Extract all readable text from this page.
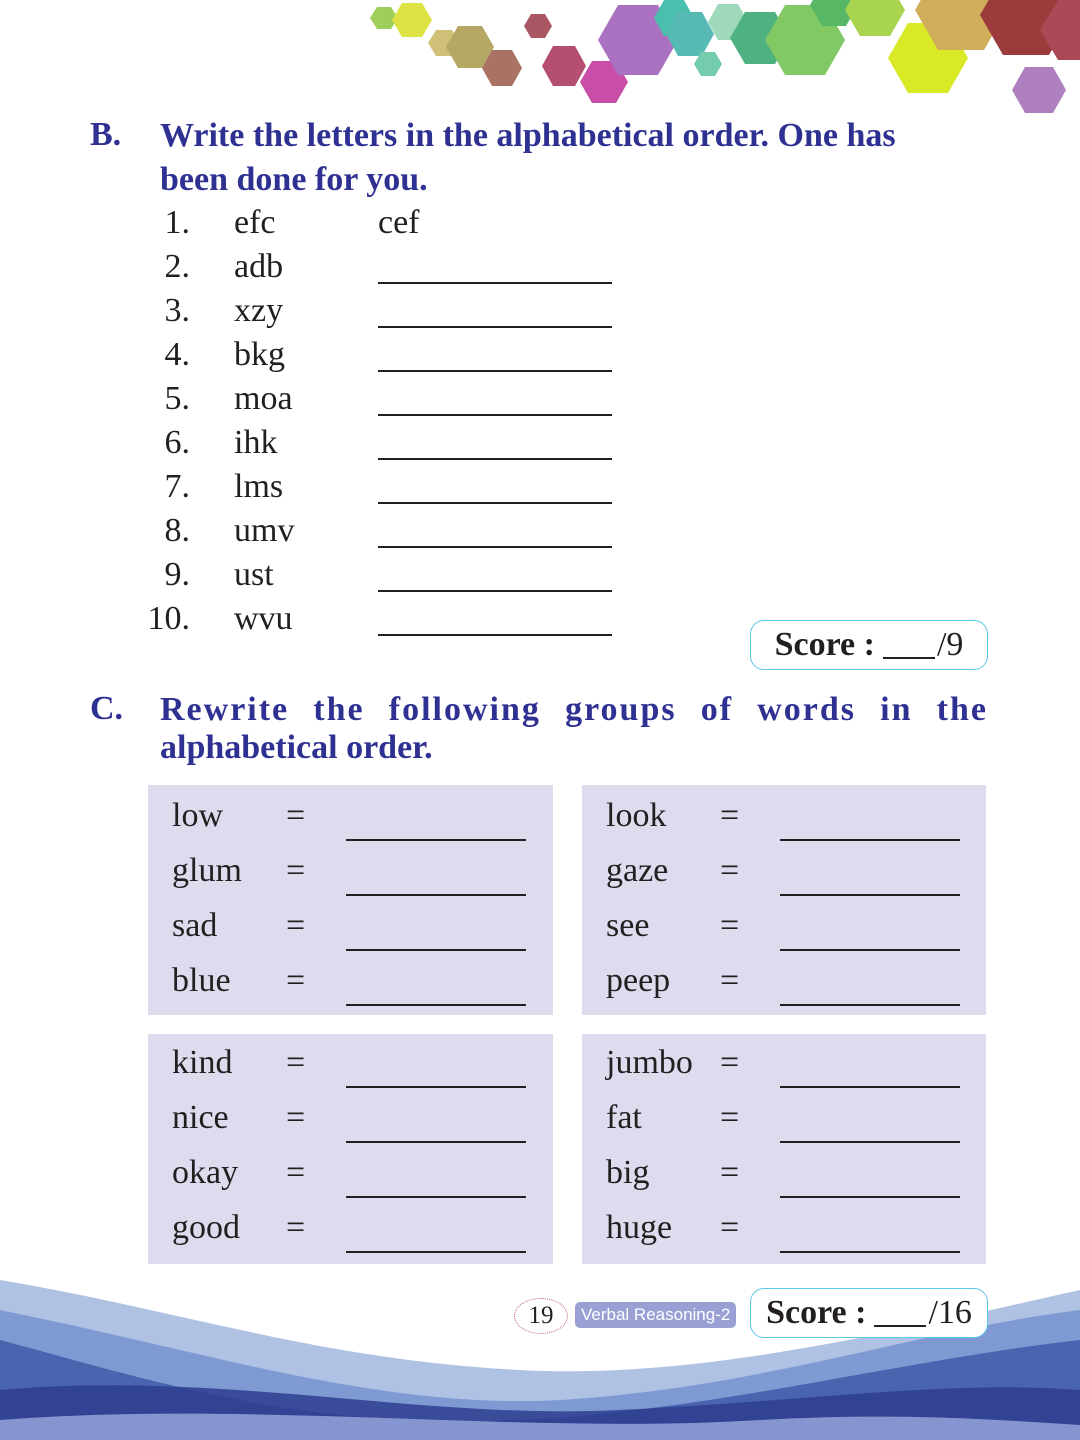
B. Write the letters in the alphabetical order. One has
been done for you.
1. efc	cef
2. adb
3. xzy
4. bkg
5. moa
6. ihk
7. lms
8. umv
9. ust
10. wvu
Score : /9
C. Rewrite the following groups of words in the
alphabetical order.
low =
glum =
sad =
blue =
look =
gaze =
see =
peep =
kind =
nice =
okay =
good =
jumbo =
fat =
big =
huge =
19	Verbal Reasoning-2 Score : /16
